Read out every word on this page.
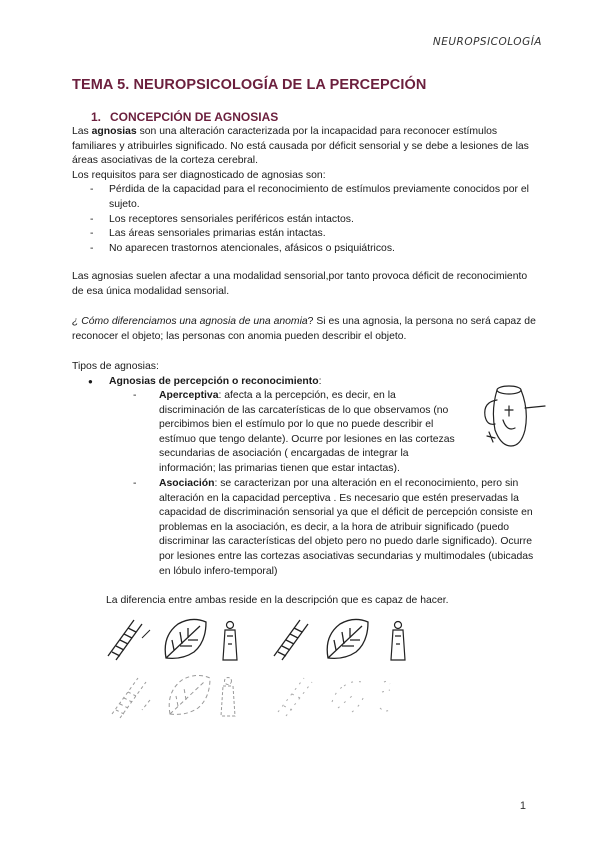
NEUROPSICOLOGÍA
TEMA 5. NEUROPSICOLOGÍA DE LA PERCEPCIÓN
1. CONCEPCIÓN DE AGNOSIAS

Las agnosias son una alteración caracterizada por la incapacidad para reconocer estímulos familiares y atribuirles significado. No está causada por déficit sensorial y se debe a lesiones de las áreas asociativas de la corteza cerebral.

Los requisitos para ser diagnosticado de agnosias son:

- Pérdida de la capacidad para el reconocimiento de estímulos previamente conocidos por el sujeto.
- Los receptores sensoriales periféricos están intactos.
- Las áreas sensoriales primarias están intactas.
- No aparecen trastornos atencionales, afásicos o psiquiátricos.
Las agnosias suelen afectar a una modalidad sensorial,por tanto provoca déficit de reconocimiento de esa única modalidad sensorial.
¿ Cómo diferenciamos una agnosia de una anomia? Si es una agnosia, la persona no será capaz de reconocer el objeto; las personas con anomia pueden describir el objeto.

Tipos de agnosias:

● Agnosias de percepción o reconocimiento:
- Aperceptiva: afecta a la percepción, es decir, en la discriminación de las carcaterísticas de lo que observamos (no percibimos bien el estímulo por lo que no puede describir el estímuo que tengo delante). Ocurre por lesiones en las cortezas secundarias de asociación ( encargadas de integrar la información; las primarias tienen que estar intactas).
- Asociación: se caracterizan por una alteración en el reconocimiento, pero sin alteración en la capacidad perceptiva . Es necesario que estén preservadas la capacidad de discriminación sensorial ya que el déficit de percepción consiste en problemas en la asociación, es decir, a la hora de atribuir significado (puedo discriminar las características del objeto pero no puedo darle significado). Ocurre por lesiones entre las cortezas asociativas secundarias y multimodales (ubicadas en lóbulo infero-temporal)
La diferencia entre ambas reside en la descripción que es capaz de hacer.
1
